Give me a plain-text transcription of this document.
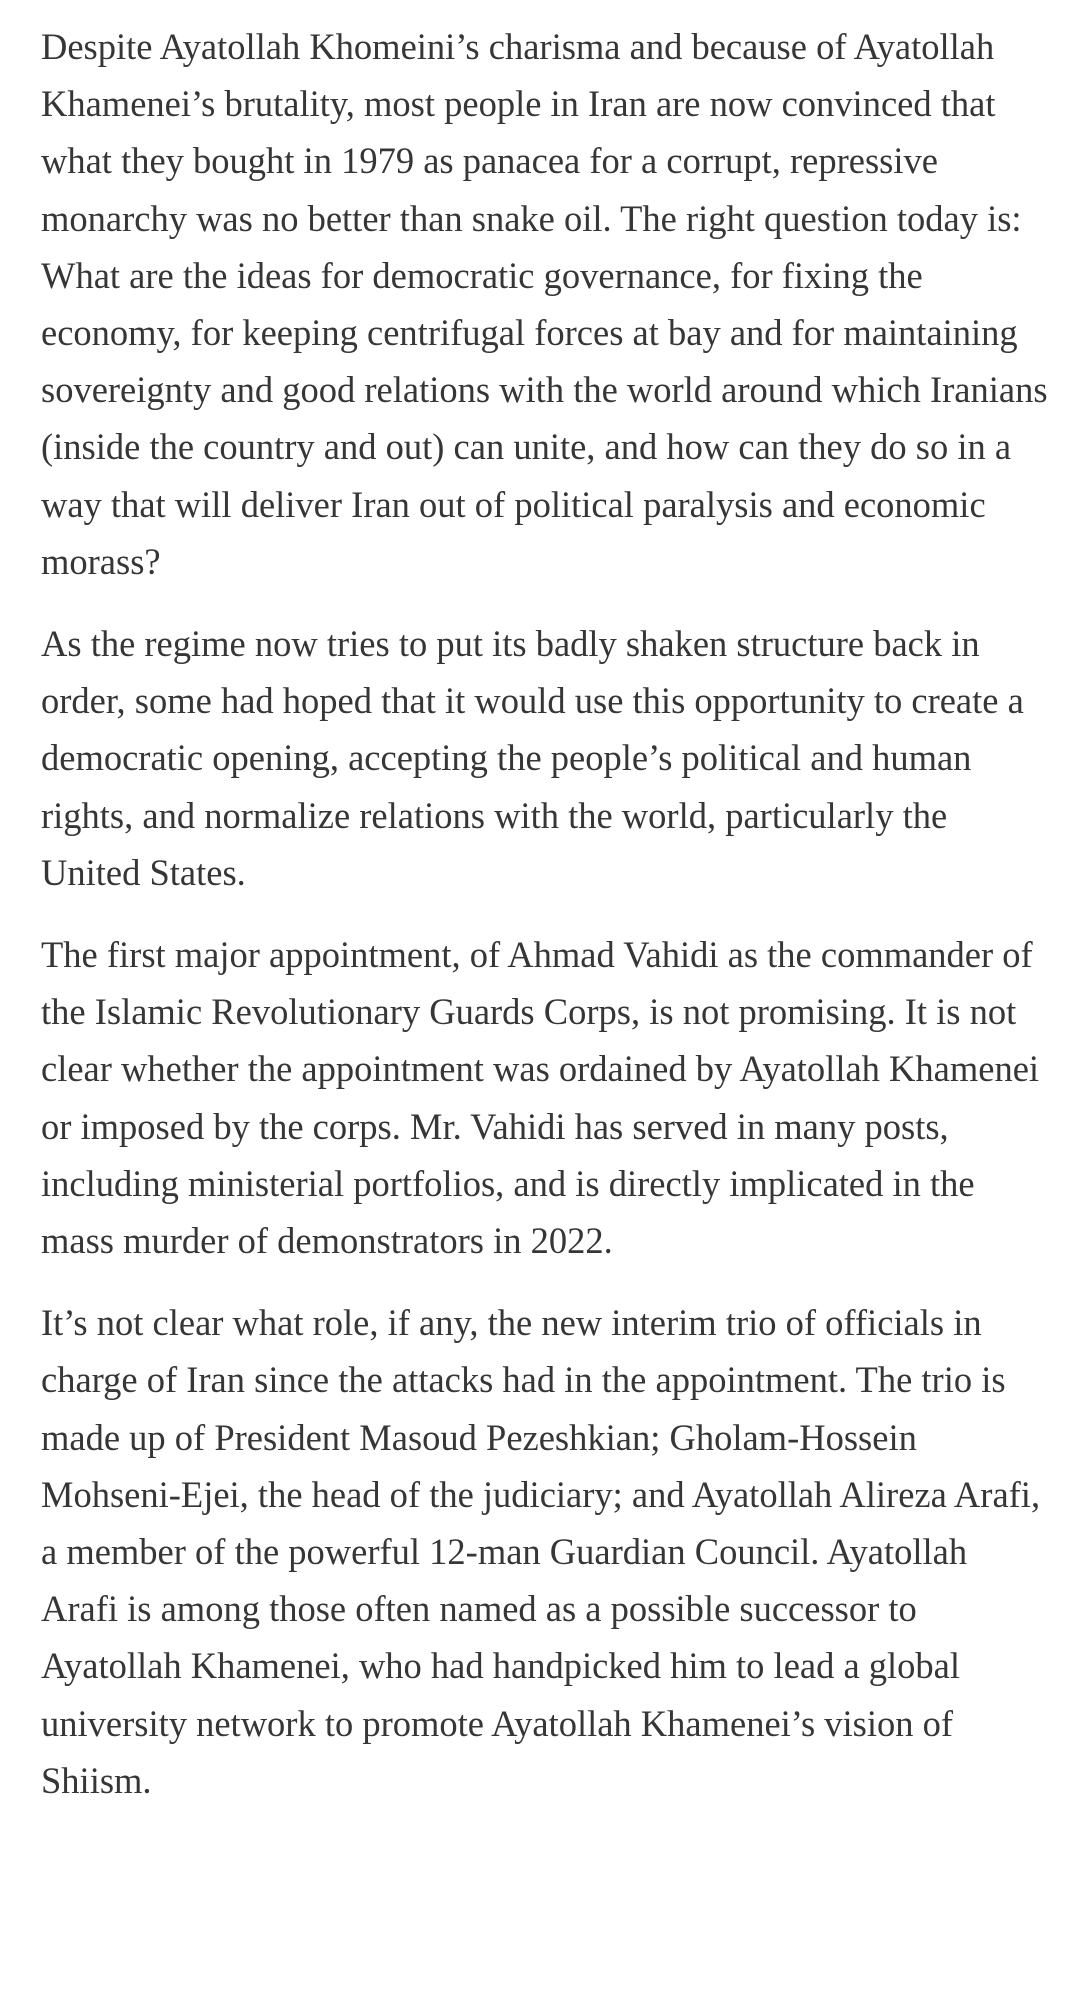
Despite Ayatollah Khomeini’s charisma and because of Ayatollah Khamenei’s brutality, most people in Iran are now convinced that what they bought in 1979 as panacea for a corrupt, repressive monarchy was no better than snake oil. The right question today is: What are the ideas for democratic governance, for fixing the economy, for keeping centrifugal forces at bay and for maintaining sovereignty and good relations with the world around which Iranians (inside the country and out) can unite, and how can they do so in a way that will deliver Iran out of political paralysis and economic morass?

As the regime now tries to put its badly shaken structure back in order, some had hoped that it would use this opportunity to create a democratic opening, accepting the people’s political and human rights, and normalize relations with the world, particularly the United States.

The first major appointment, of Ahmad Vahidi as the commander of the Islamic Revolutionary Guards Corps, is not promising. It is not clear whether the appointment was ordained by Ayatollah Khamenei or imposed by the corps. Mr. Vahidi has served in many posts, including ministerial portfolios, and is directly implicated in the mass murder of demonstrators in 2022.

It’s not clear what role, if any, the new interim trio of officials in charge of Iran since the attacks had in the appointment. The trio is made up of President Masoud Pezeshkian; Gholam-Hossein Mohseni-Ejei, the head of the judiciary; and Ayatollah Alireza Arafi, a member of the powerful 12-man Guardian Council. Ayatollah Arafi is among those often named as a possible successor to Ayatollah Khamenei, who had handpicked him to lead a global university network to promote Ayatollah Khamenei’s vision of Shiism.
